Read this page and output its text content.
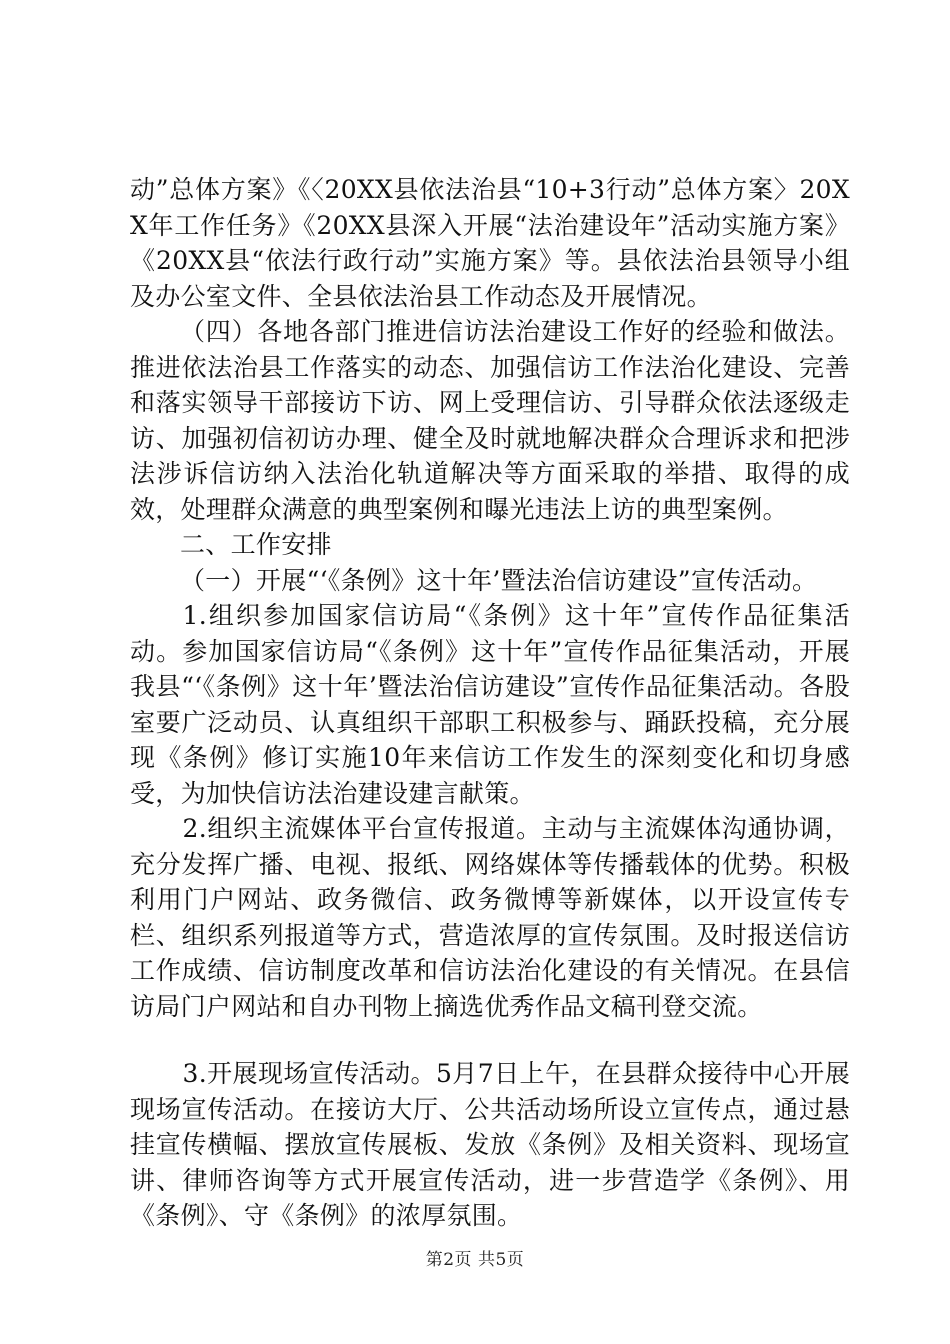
动”总体方案》《〈20XX县依法治县“10+3行动”总体方案〉20XX年工作任务》《20XX县深入开展“法治建设年”活动实施方案》《20XX县“依法行政行动”实施方案》等。县依法治县领导小组及办公室文件、全县依法治县工作动态及开展情况。

（四）各地各部门推进信访法治建设工作好的经验和做法。推进依法治县工作落实的动态、加强信访工作法治化建设、完善和落实领导干部接访下访、网上受理信访、引导群众依法逐级走访、加强初信初访办理、健全及时就地解决群众合理诉求和把涉法涉诉信访纳入法治化轨道解决等方面采取的举措、取得的成效，处理群众满意的典型案例和曝光违法上访的典型案例。

二、工作安排

（一）开展“‘《条例》这十年’暨法治信访建设”宣传活动。

1.组织参加国家信访局“《条例》这十年”宣传作品征集活动。参加国家信访局“《条例》这十年”宣传作品征集活动，开展我县“‘《条例》这十年’暨法治信访建设”宣传作品征集活动。各股室要广泛动员、认真组织干部职工积极参与、踊跃投稿，充分展现《条例》修订实施10年来信访工作发生的深刻变化和切身感受，为加快信访法治建设建言献策。

2.组织主流媒体平台宣传报道。主动与主流媒体沟通协调，充分发挥广播、电视、报纸、网络媒体等传播载体的优势。积极利用门户网站、政务微信、政务微博等新媒体，以开设宣传专栏、组织系列报道等方式，营造浓厚的宣传氛围。及时报送信访工作成绩、信访制度改革和信访法治化建设的有关情况。在县信访局门户网站和自办刊物上摘选优秀作品文稿刊登交流。

3.开展现场宣传活动。5月7日上午，在县群众接待中心开展现场宣传活动。在接访大厅、公共活动场所设立宣传点，通过悬挂宣传横幅、摆放宣传展板、发放《条例》及相关资料、现场宣讲、律师咨询等方式开展宣传活动，进一步营造学《条例》、用《条例》、守《条例》的浓厚氛围。

第2页 共5页
